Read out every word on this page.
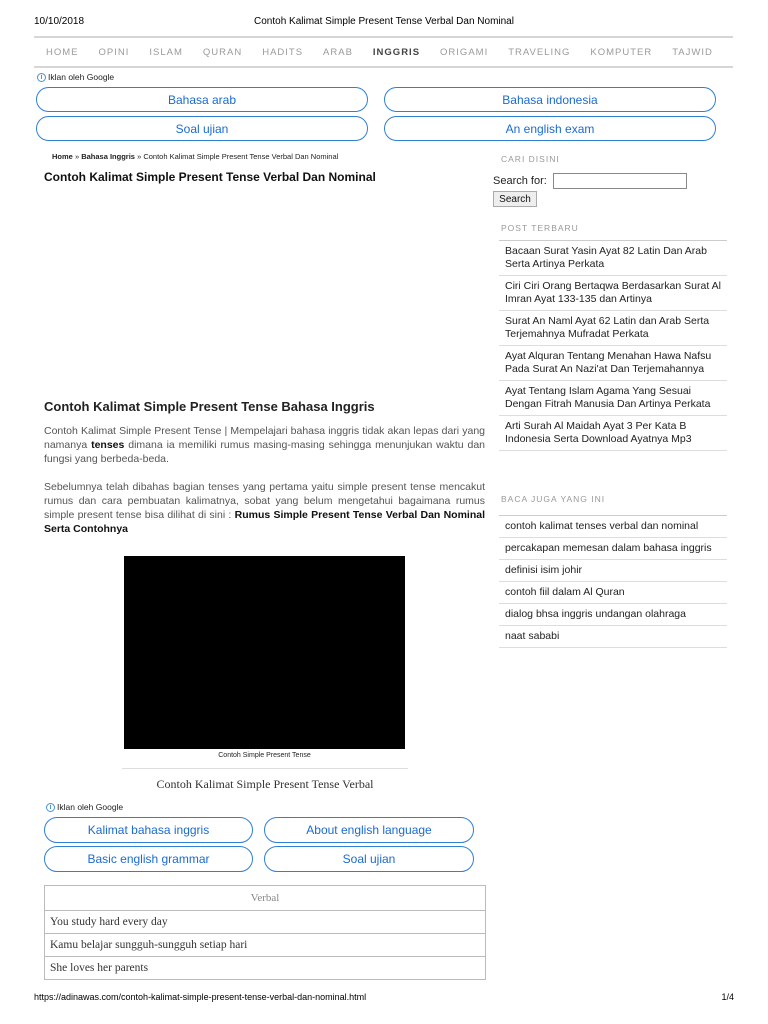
10/10/2018	Contoh Kalimat Simple Present Tense Verbal Dan Nominal
HOME OPINI ISLAM QURAN HADITS ARAB INGGRIS ORIGAMI TRAVELING KOMPUTER TAJWID
i Iklan oleh Google
Bahasa arab	Bahasa indonesia
Soal ujian	An english exam
Home » Bahasa Inggris » Contoh Kalimat Simple Present Tense Verbal Dan Nominal
Contoh Kalimat Simple Present Tense Verbal Dan Nominal
Contoh Kalimat Simple Present Tense Bahasa Inggris

Contoh Kalimat Simple Present Tense | Mempelajari bahasa inggris tidak akan lepas dari yang namanya tenses dimana ia memiliki rumus masing-masing sehingga menunjukan waktu dan fungsi yang berbeda-beda.

Sebelumnya telah dibahas bagian tenses yang pertama yaitu simple present tense mencakut rumus dan cara pembuatan kalimatnya, sobat yang belum mengetahui bagaimana rumus simple present tense bisa dilihat di sini : Rumus Simple Present Tense Verbal Dan Nominal Serta Contohnya

Contoh Simple Present Tense
Contoh Kalimat Simple Present Tense Verbal
i Iklan oleh Google
Kalimat bahasa inggris	About english language
Basic english grammar	Soal ujian
Verbal
You study hard every day
Kamu belajar sungguh-sungguh setiap hari
She loves her parents
CARI DISINI
Search for:
Search
POST TERBARU
Bacaan Surat Yasin Ayat 82 Latin Dan Arab Serta Artinya Perkata
Ciri Ciri Orang Bertaqwa Berdasarkan Surat Al Imran Ayat 133-135 dan Artinya
Surat An Naml Ayat 62 Latin dan Arab Serta Terjemahnya Mufradat Perkata
Ayat Alquran Tentang Menahan Hawa Nafsu Pada Surat An Nazi'at Dan Terjemahannya
Ayat Tentang Islam Agama Yang Sesuai Dengan Fitrah Manusia Dan Artinya Perkata
Arti Surah Al Maidah Ayat 3 Per Kata B Indonesia Serta Download Ayatnya Mp3
BACA JUGA YANG INI
contoh kalimat tenses verbal dan nominal
percakapan memesan dalam bahasa inggris
definisi isim johir
contoh fiil dalam Al Quran
dialog bhsa inggris undangan olahraga
naat sababi
https://adinawas.com/contoh-kalimat-simple-present-tense-verbal-dan-nominal.html	1/4
